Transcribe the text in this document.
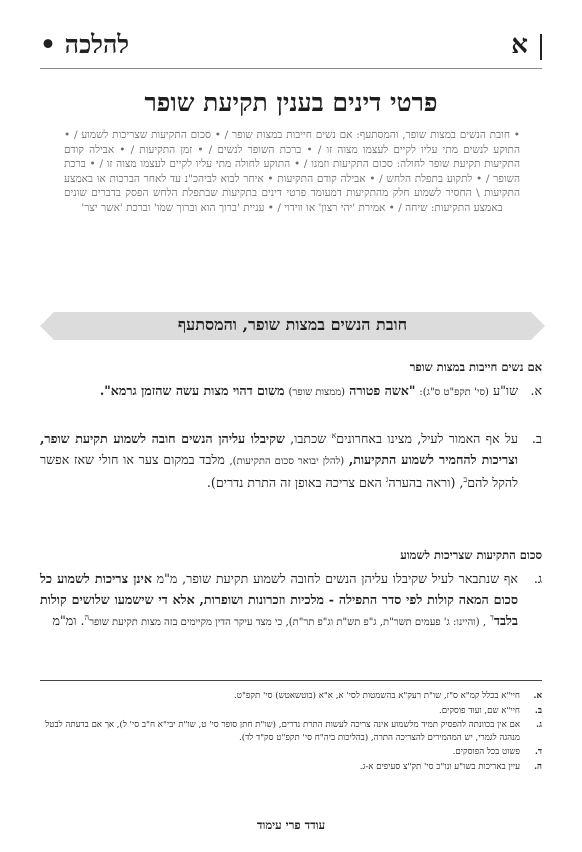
להלכה •	א
פרטי דינים בענין תקיעת שופר
• חובת הנשים במצות שופר, והמסתעף: אם נשים חייבות במצות שופר / • סכום התקיעות שצריכות לשמוע / • התוקע לנשים מתי עליו לקיים לעצמו מצוה זו / • ברכת השופר לנשים / • זמן התקיעות / • אבילה קודם התקיעות תקיעת שופר לחולה: סכום התקיעות וזמנו / • התוקע לחולה מתי עליו לקיים לעצמו מצוה זו / • ברכת השופר / • לתקוע בתפלת הלחש / • אבילה קודם התקיעות • איחר לבוא לביהכ"נ עד לאחר הברכות או באמצע התקיעות \ החסיר לשמוע חלק מהתקיעות דמעומד פרטי דינים בתקיעות שבתפלת הלחש הפסק בדברים שונים באמצע התקיעות: שיחה / • אמירת 'יהי רצון' או ווידוי / • עניית 'ברוך הוא וברוך שמו' וברכת 'אשר יצר'
חובת הנשים במצות שופר, והמסתעף
אם נשים חייבות במצות שופר
א.
שו"ע (סי' תקפ"ט ס"ג): "אשה פטורה (ממצות שופר) משום דהוי מצות עשה שהזמן גרמא".
ב.
על אף האמור לעיל, מצינו באחרונים$^א$ שכתבו, שקיבלו עליהן הנשים חובה לשמוע תקיעת שופר, וצריכות להחמיר לשמוע התקיעות, (להלן יבואר סכום התקיעות), מלבד במקום צער או חולי שאז אפשר להקל להם$^ב$, (וראה בהערה$^ג$ האם צריכה באופן זה התרת נדרים).
סכום התקיעות שצריכות לשמוע
ג.
אף שנתבאר לעיל שקיבלו עליהן הנשים לחובה לשמוע תקיעת שופר, מ"מ אינן צריכות לשמוע כל סכום המאה קולות לפי סדר התפילה - מלכיות וזכרונות ושופרות, אלא די שישמעו שלושים קולות בלבד$^ד$ , (והיינו: ג' פעמים תשר"ת, ג"פ תש"ת וג"פ תר"ת), כי מצד עיקר הדין מקיימים בזה מצות תקיעת שופר$^ה$. ומ"מ
א.
חיי"א בכלל קמ"א ס"ז, שו"ת רעק"א בהשמטות לסי' א, א"א (בוטשאטש) סי' תקפ"ט.
ב.
חיי"א שם, ועוד פוסקים.
ג.
אם אין בכוונתה להפסיק תמיד מלשמוע אינה צריכה לעשות התרת נדרים, (שו"ת חתן סופר סי' ט, שו"ת יבי"א ח"ב סי' ל), אך אם בדעתה לבטל מנהגה לגמרי, יש המהמירים להצריכה התרה, (בהליכות ביה"ח סי' תקפ"ט סק"ד לד).
ד.
פשוט בכל הפוסקים.
ה.
עיין באריכות בשו"ע ונו"כ סי' תק"צ סעיפים א-ג.
עודד פרי עימוד
